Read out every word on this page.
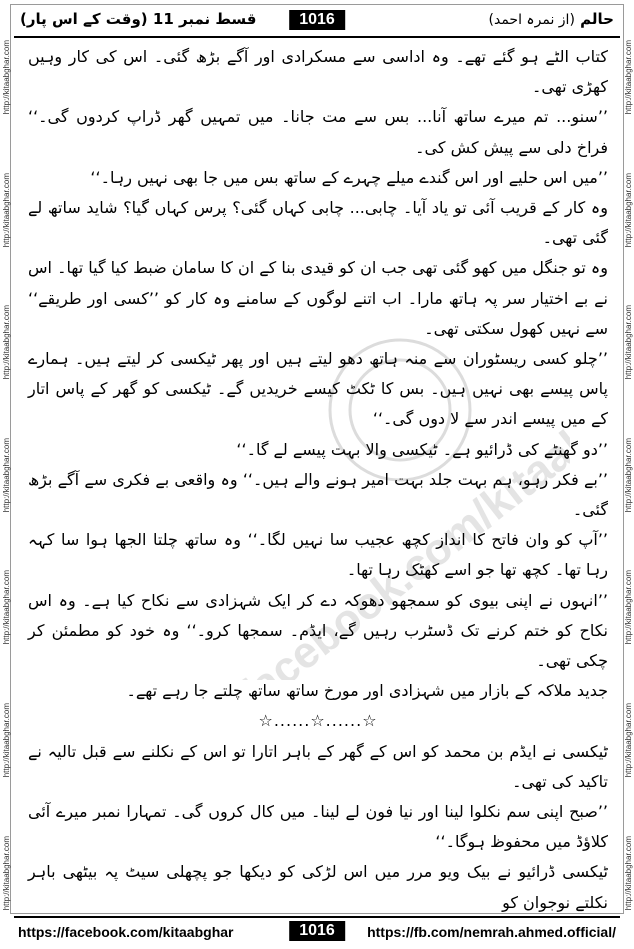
قسط نمبر 11 (وقت کے اس پار)	1016	حالم (از نمرہ احمد)
http://kitaabghar.com
http://kitaabghar.com
http://kitaabghar.com
http://kitaabghar.com
http://kitaabghar.com
http://kitaabghar.com
http://kitaabghar.com
http://kitaabghar.com
http://kitaabghar.com
http://kitaabghar.com
http://kitaabghar.com
http://kitaabghar.com
http://kitaabghar.com
http://kitaabghar.com

کتاب الٹے ہو گئے تھے۔ وہ اداسی سے مسکرادی اور آگے بڑھ گئی۔ اس کی کار وہیں کھڑی تھی۔

’’سنو... تم میرے ساتھ آنا... بس سے مت جانا۔ میں تمہیں گھر ڈراپ کردوں گی۔‘‘ فراخ دلی سے پیش کش کی۔

’’میں اس حلیے اور اس گندے میلے چہرے کے ساتھ بس میں جا بھی نہیں رہا۔‘‘

وہ کار کے قریب آئی تو یاد آیا۔ چابی... چابی کہاں گئی؟ پرس کہاں گیا؟ شاید ساتھ لے گئی تھی۔

وہ تو جنگل میں کھو گئی تھی جب ان کو قیدی بنا کے ان کا سامان ضبط کیا گیا تھا۔ اس نے بے اختیار سر پہ ہاتھ مارا۔ اب اتنے لوگوں کے سامنے وہ کار کو ’’کسی اور طریقے‘‘ سے نہیں کھول سکتی تھی۔

’’چلو کسی ریسٹوران سے منہ ہاتھ دھو لیتے ہیں اور پھر ٹیکسی کر لیتے ہیں۔ ہمارے پاس پیسے بھی نہیں ہیں۔ بس کا ٹکٹ کیسے خریدیں گے۔ ٹیکسی کو گھر کے پاس اتار کے میں پیسے اندر سے لا دوں گی۔‘‘

’’دو گھنٹے کی ڈرائیو ہے۔ ٹیکسی والا بہت پیسے لے گا۔‘‘

’’بے فکر رہو، ہم بہت جلد بہت امیر ہونے والے ہیں۔‘‘ وہ واقعی بے فکری سے آگے بڑھ گئی۔

’’آپ کو وان فاتح کا انداز کچھ عجیب سا نہیں لگا۔‘‘ وہ ساتھ چلتا الجھا ہوا سا کہہ رہا تھا۔ کچھ تھا جو اسے کھٹک رہا تھا۔

’’انہوں نے اپنی بیوی کو سمجھو دھوکہ دے کر ایک شہزادی سے نکاح کیا ہے۔ وہ اس نکاح کو ختم کرنے تک ڈسٹرب رہیں گے، ایڈم۔ سمجھا کرو۔‘‘ وہ خود کو مطمئن کر چکی تھی۔

جدید ملاکہ کے بازار میں شہزادی اور مورخ ساتھ ساتھ چلتے جا رہے تھے۔

☆......☆......☆

ٹیکسی نے ایڈم بن محمد کو اس کے گھر کے باہر اتارا تو اس کے نکلنے سے قبل تالیہ نے تاکید کی تھی۔

’’صبح اپنی سم نکلوا لینا اور نیا فون لے لینا۔ میں کال کروں گی۔ تمہارا نمبر میرے آئی کلاؤڈ میں محفوظ ہوگا۔‘‘

ٹیکسی ڈرائیو نے بیک ویو مرر میں اس لڑکی کو دیکھا جو پچھلی سیٹ پہ بیٹھی باہر نکلتے نوجوان کو

https://facebook.com/kitaabghar	1016	https://fb.com/nemrah.ahmed.official/
